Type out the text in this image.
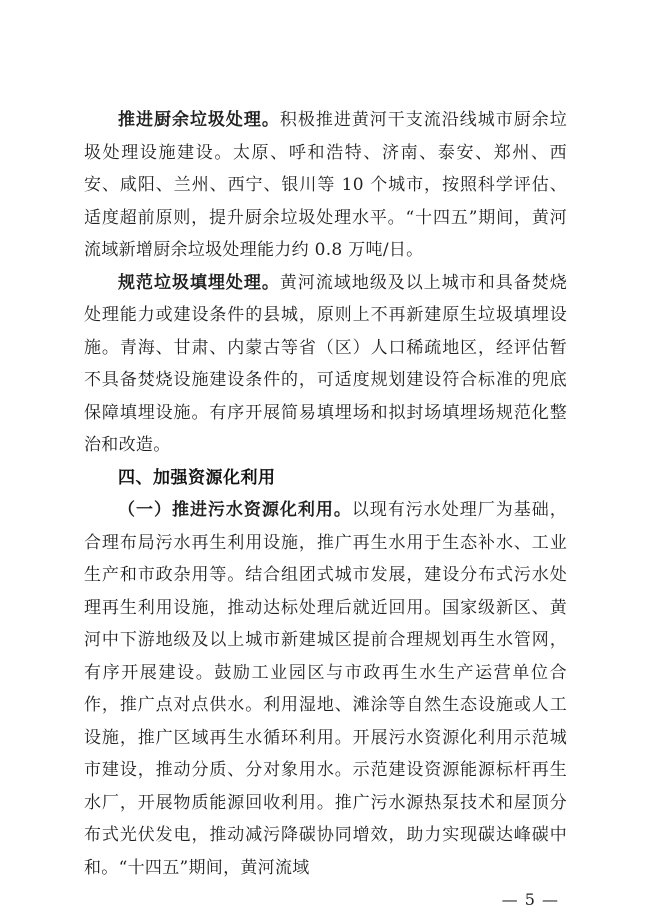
推进厨余垃圾处理。积极推进黄河干支流沿线城市厨余垃圾处理设施建设。太原、呼和浩特、济南、泰安、郑州、西安、咸阳、兰州、西宁、银川等 10 个城市，按照科学评估、适度超前原则，提升厨余垃圾处理水平。“十四五”期间，黄河流域新增厨余垃圾处理能力约 0.8 万吨/日。

规范垃圾填埋处理。黄河流域地级及以上城市和具备焚烧处理能力或建设条件的县城，原则上不再新建原生垃圾填埋设施。青海、甘肃、内蒙古等省（区）人口稀疏地区，经评估暂不具备焚烧设施建设条件的，可适度规划建设符合标准的兜底保障填埋设施。有序开展简易填埋场和拟封场填埋场规范化整治和改造。

四、加强资源化利用

（一）推进污水资源化利用。以现有污水处理厂为基础，合理布局污水再生利用设施，推广再生水用于生态补水、工业生产和市政杂用等。结合组团式城市发展，建设分布式污水处理再生利用设施，推动达标处理后就近回用。国家级新区、黄河中下游地级及以上城市新建城区提前合理规划再生水管网，有序开展建设。鼓励工业园区与市政再生水生产运营单位合作，推广点对点供水。利用湿地、滩涂等自然生态设施或人工设施，推广区域再生水循环利用。开展污水资源化利用示范城市建设，推动分质、分对象用水。示范建设资源能源标杆再生水厂，开展物质能源回收利用。推广污水源热泵技术和屋顶分布式光伏发电，推动减污降碳协同增效，助力实现碳达峰碳中和。“十四五”期间，黄河流域

— 5 —
